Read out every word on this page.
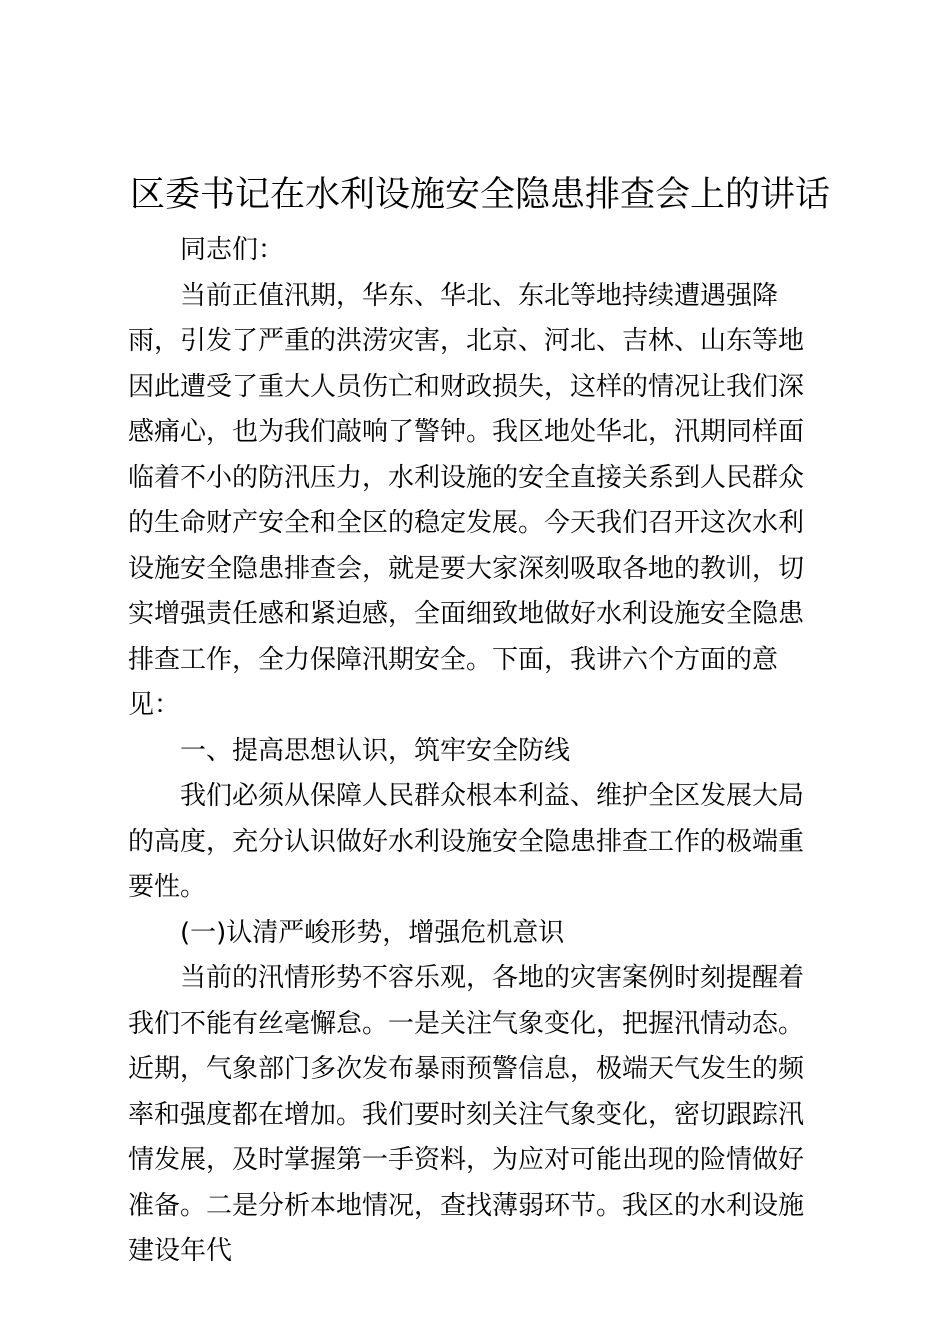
区委书记在水利设施安全隐患排查会上的讲话

同志们：

当前正值汛期，华东、华北、东北等地持续遭遇强降雨，引发了严重的洪涝灾害，北京、河北、吉林、山东等地因此遭受了重大人员伤亡和财政损失，这样的情况让我们深感痛心，也为我们敲响了警钟。我区地处华北，汛期同样面临着不小的防汛压力，水利设施的安全直接关系到人民群众的生命财产安全和全区的稳定发展。今天我们召开这次水利设施安全隐患排查会，就是要大家深刻吸取各地的教训，切实增强责任感和紧迫感，全面细致地做好水利设施安全隐患排查工作，全力保障汛期安全。下面，我讲六个方面的意见：

一、提高思想认识，筑牢安全防线

我们必须从保障人民群众根本利益、维护全区发展大局的高度，充分认识做好水利设施安全隐患排查工作的极端重要性。

(一)认清严峻形势，增强危机意识

当前的汛情形势不容乐观，各地的灾害案例时刻提醒着我们不能有丝毫懈怠。一是关注气象变化，把握汛情动态。近期，气象部门多次发布暴雨预警信息，极端天气发生的频率和强度都在增加。我们要时刻关注气象变化，密切跟踪汛情发展，及时掌握第一手资料，为应对可能出现的险情做好准备。二是分析本地情况，查找薄弱环节。我区的水利设施建设年代
